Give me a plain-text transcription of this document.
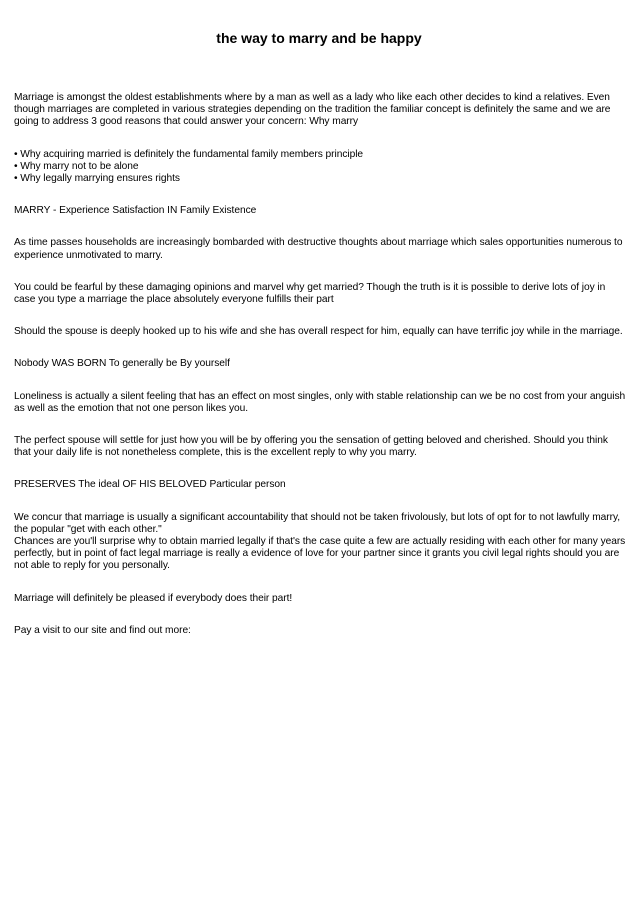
the way to marry and be happy

Marriage is amongst the oldest establishments where by a man as well as a lady who like each other decides to kind a relatives. Even though marriages are completed in various strategies depending on the tradition the familiar concept is definitely the same and we are going to address 3 good reasons that could answer your concern: Why marry

• Why acquiring married is definitely the fundamental family members principle
• Why marry not to be alone
• Why legally marrying ensures rights

MARRY - Experience Satisfaction IN Family Existence

As time passes households are increasingly bombarded with destructive thoughts about marriage which sales opportunities numerous to experience unmotivated to marry.

You could be fearful by these damaging opinions and marvel why get married? Though the truth is it is possible to derive lots of joy in case you type a marriage the place absolutely everyone fulfills their part

Should the spouse is deeply hooked up to his wife and she has overall respect for him, equally can have terrific joy while in the marriage.

Nobody WAS BORN To generally be By yourself

Loneliness is actually a silent feeling that has an effect on most singles, only with stable relationship can we be no cost from your anguish as well as the emotion that not one person likes you.

The perfect spouse will settle for just how you will be by offering you the sensation of getting beloved and cherished. Should you think that your daily life is not nonetheless complete, this is the excellent reply to why you marry.

PRESERVES The ideal OF HIS BELOVED Particular person

We concur that marriage is usually a significant accountability that should not be taken frivolously, but lots of opt for to not lawfully marry, the popular "get with each other."
Chances are you'll surprise why to obtain married legally if that's the case quite a few are actually residing with each other for many years perfectly, but in point of fact legal marriage is really a evidence of love for your partner since it grants you civil legal rights should you are not able to reply for you personally.

Marriage will definitely be pleased if everybody does their part!

Pay a visit to our site and find out more:
